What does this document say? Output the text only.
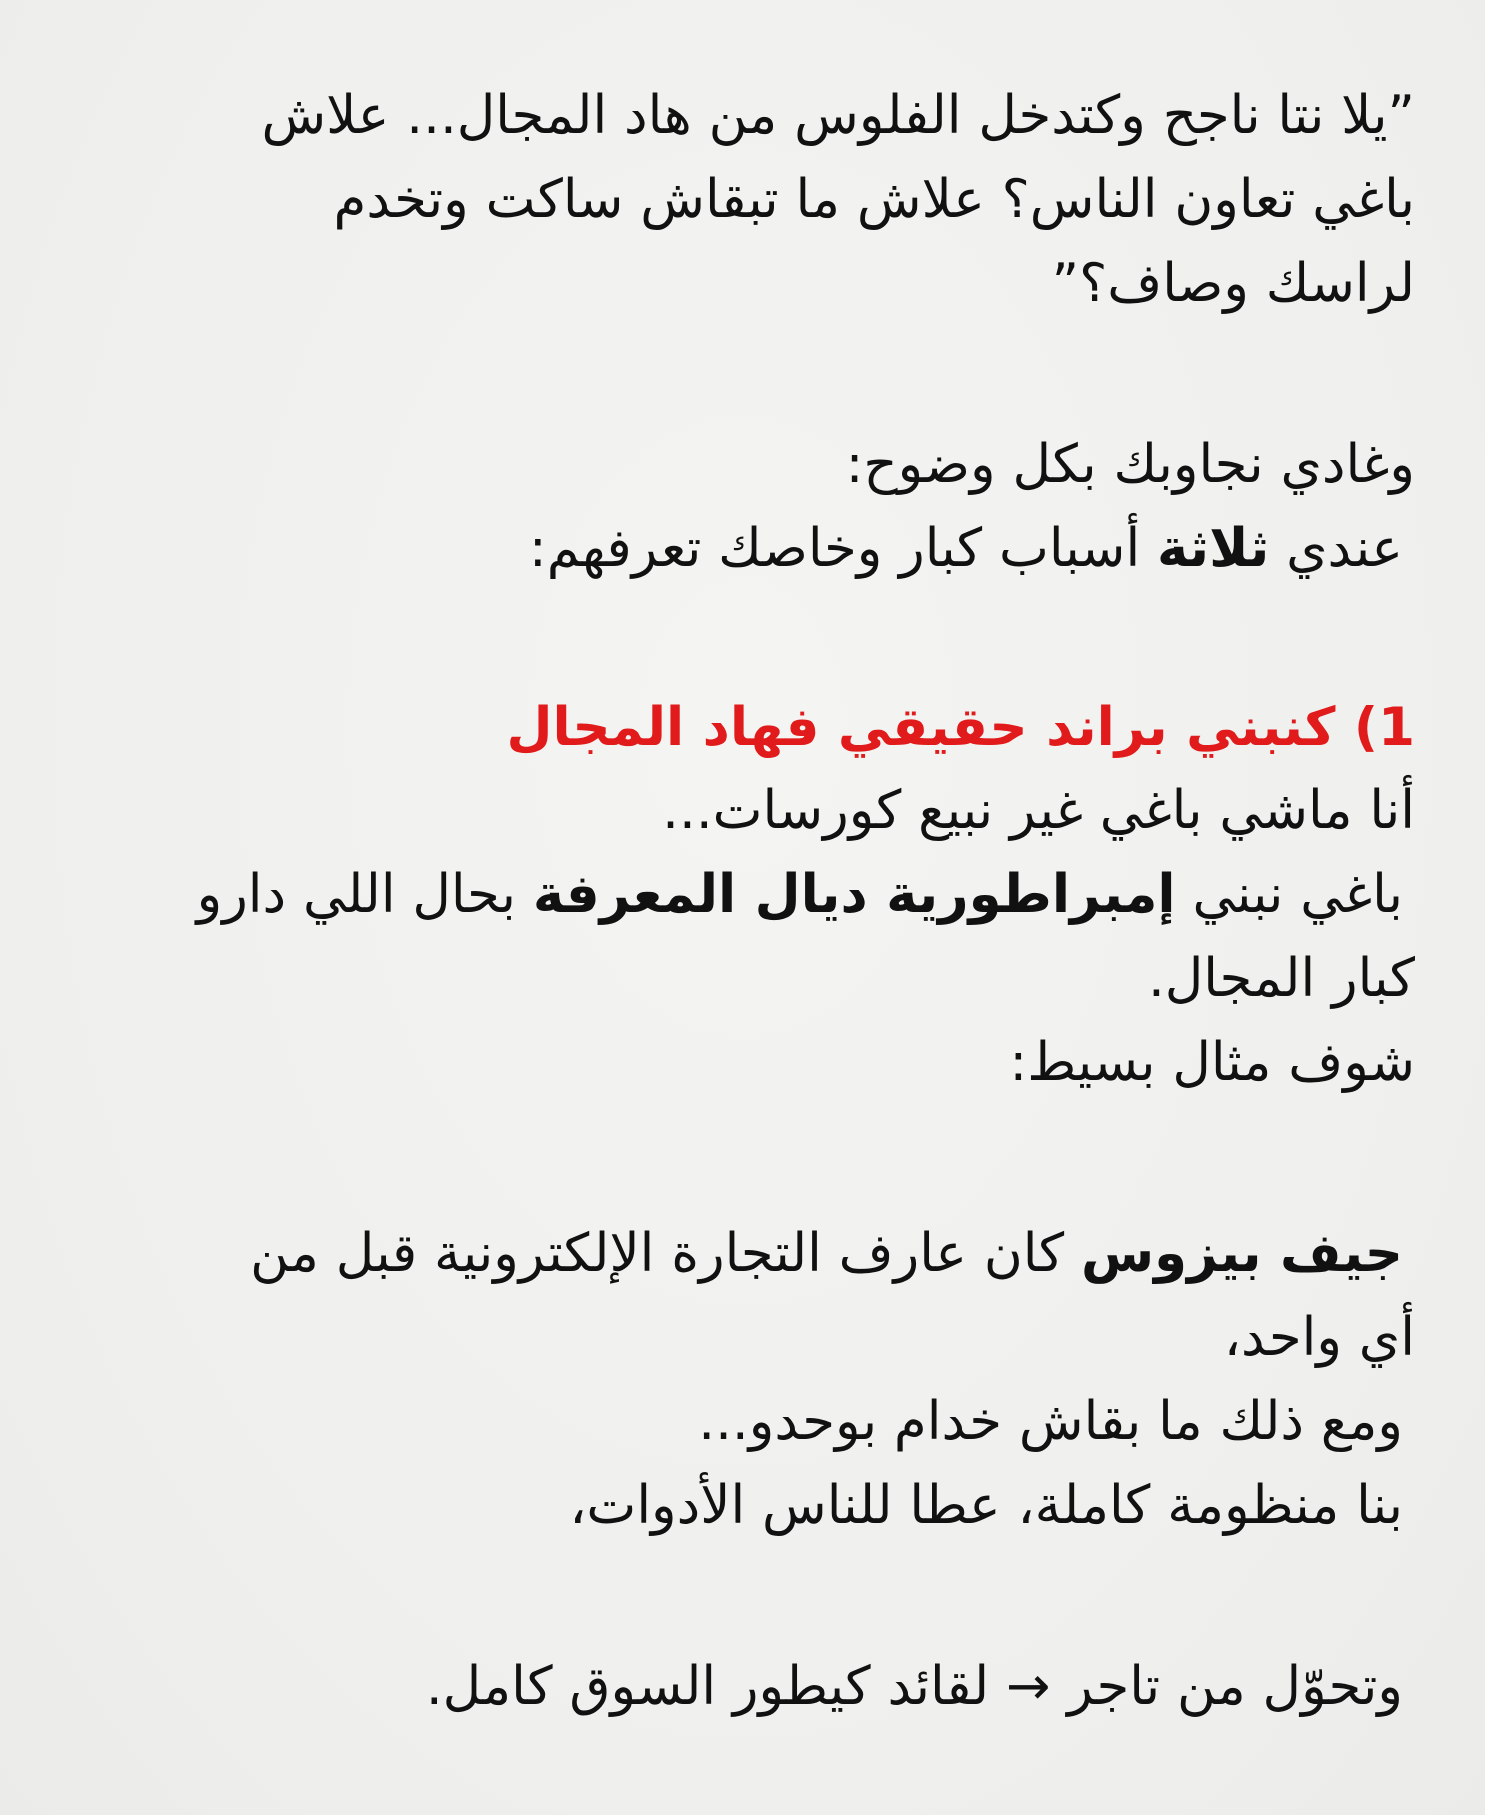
”يلا نتا ناجح وكتدخل الفلوس من هاد المجال... علاش
باغي تعاون الناس؟ علاش ما تبقاش ساكت وتخدم
لراسك وصاف؟”
وغادي نجاوبك بكل وضوح:
عندي ثلاثة أسباب كبار وخاصك تعرفهم:
1) كنبني براند حقيقي فهاد المجال
أنا ماشي باغي غير نبيع كورسات...
باغي نبني إمبراطورية ديال المعرفة بحال اللي دارو
كبار المجال.
شوف مثال بسيط:
جيف بيزوس كان عارف التجارة الإلكترونية قبل من
أي واحد،
ومع ذلك ما بقاش خدام بوحدو...
بنا منظومة كاملة، عطا للناس الأدوات،
وتحوّل من تاجر → لقائد كيطور السوق كامل.
